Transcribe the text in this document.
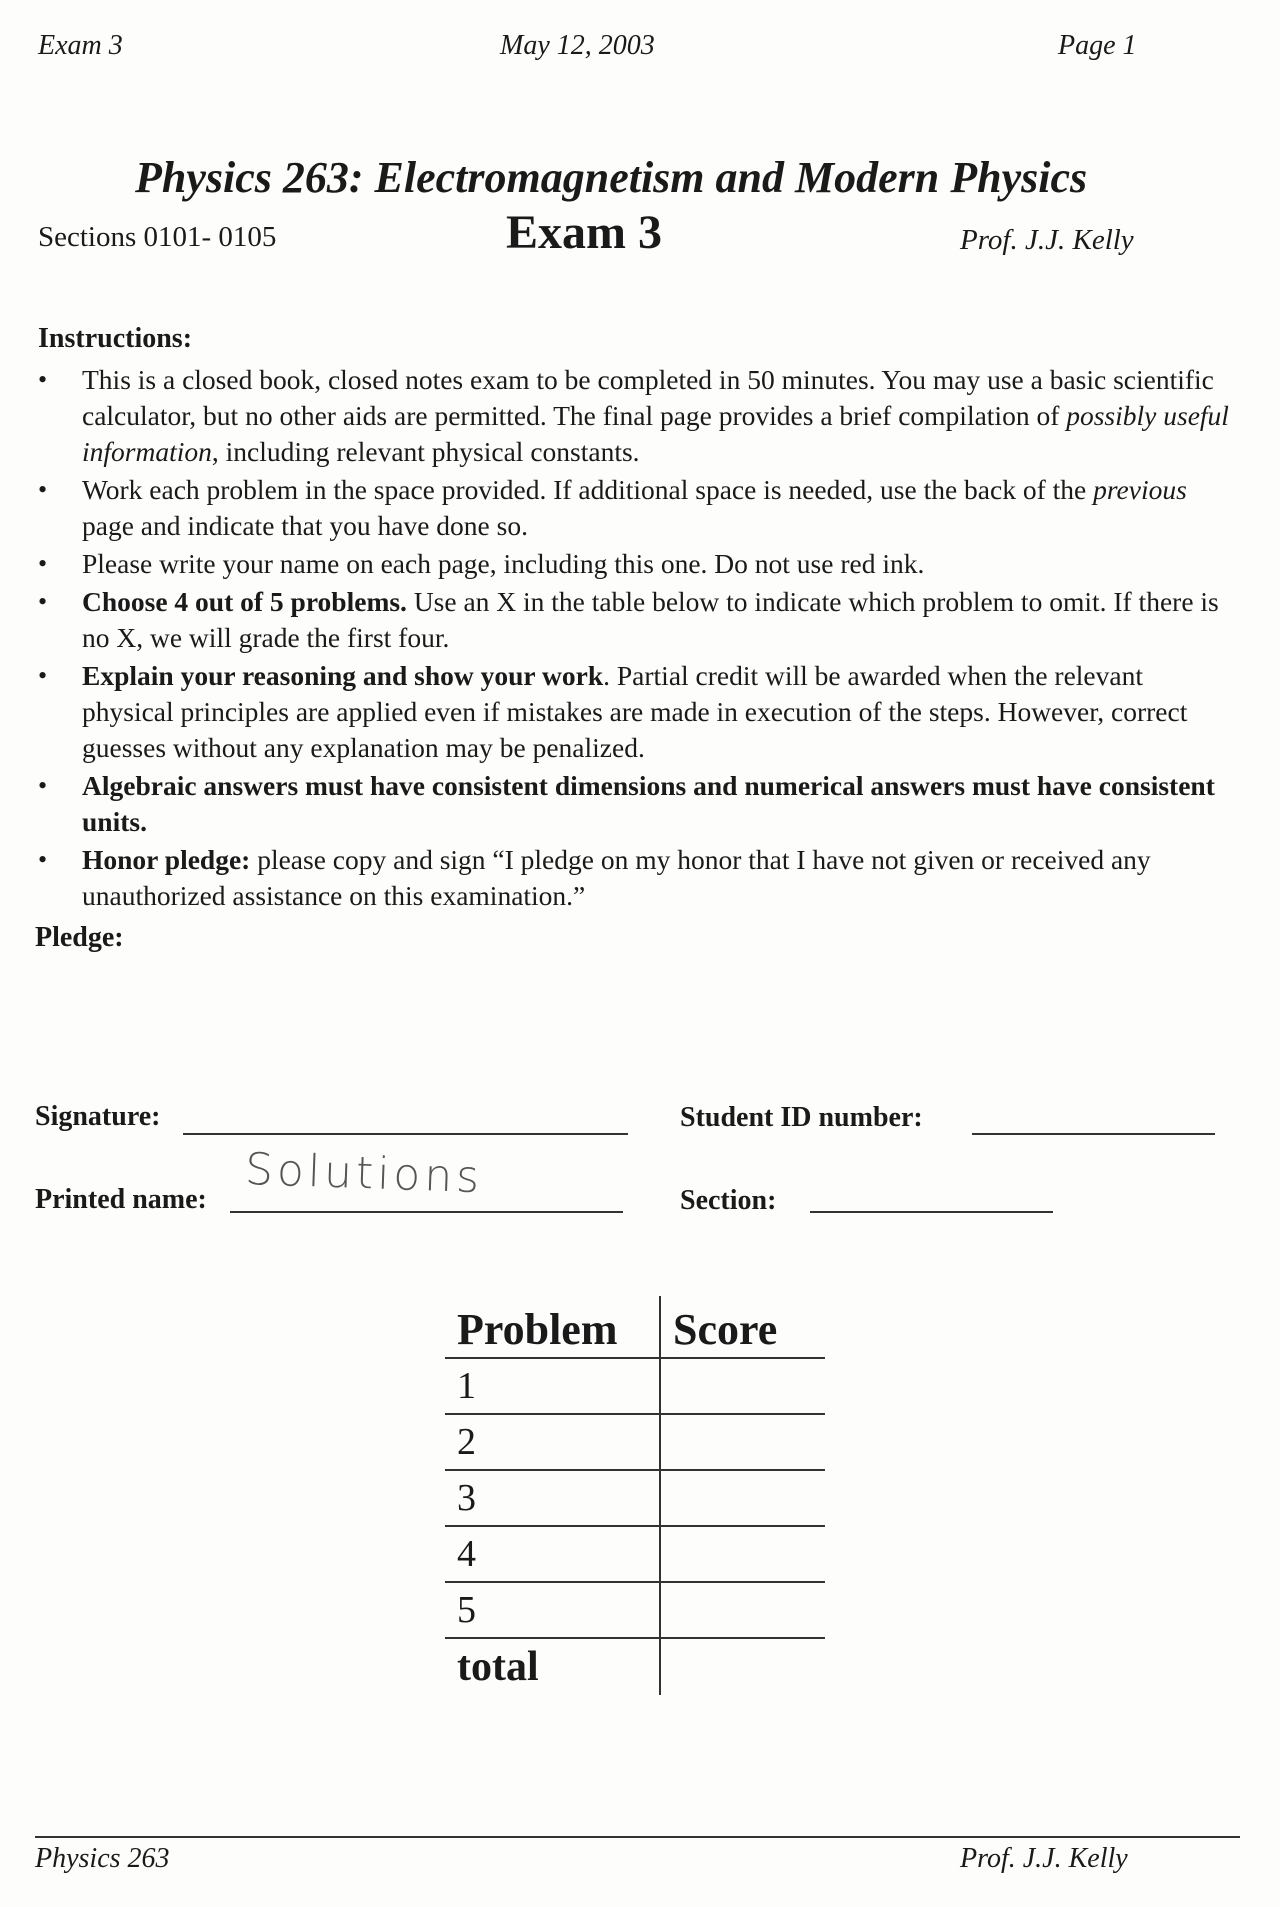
Exam 3	May 12, 2003	Page 1
Physics 263: Electromagnetism and Modern Physics
Sections 0101- 0105	Exam 3	Prof. J.J. Kelly
Instructions:
• This is a closed book, closed notes exam to be completed in 50 minutes. You may use a basic scientific calculator, but no other aids are permitted. The final page provides a brief compilation of possibly useful information, including relevant physical constants.
• Work each problem in the space provided. If additional space is needed, use the back of the previous page and indicate that you have done so.
• Please write your name on each page, including this one. Do not use red ink.
• Choose 4 out of 5 problems. Use an X in the table below to indicate which problem to omit. If there is no X, we will grade the first four.
• Explain your reasoning and show your work. Partial credit will be awarded when the relevant physical principles are applied even if mistakes are made in execution of the steps. However, correct guesses without any explanation may be penalized.
• Algebraic answers must have consistent dimensions and numerical answers must have consistent units.
• Honor pledge: please copy and sign “I pledge on my honor that I have not given or received any unauthorized assistance on this examination.”
Pledge:
Signature:	Student ID number:
Printed name: Solutions	Section:
Problem	Score
1	
2	
3	
4	
5	
total	
Physics 263	Prof. J.J. Kelly
